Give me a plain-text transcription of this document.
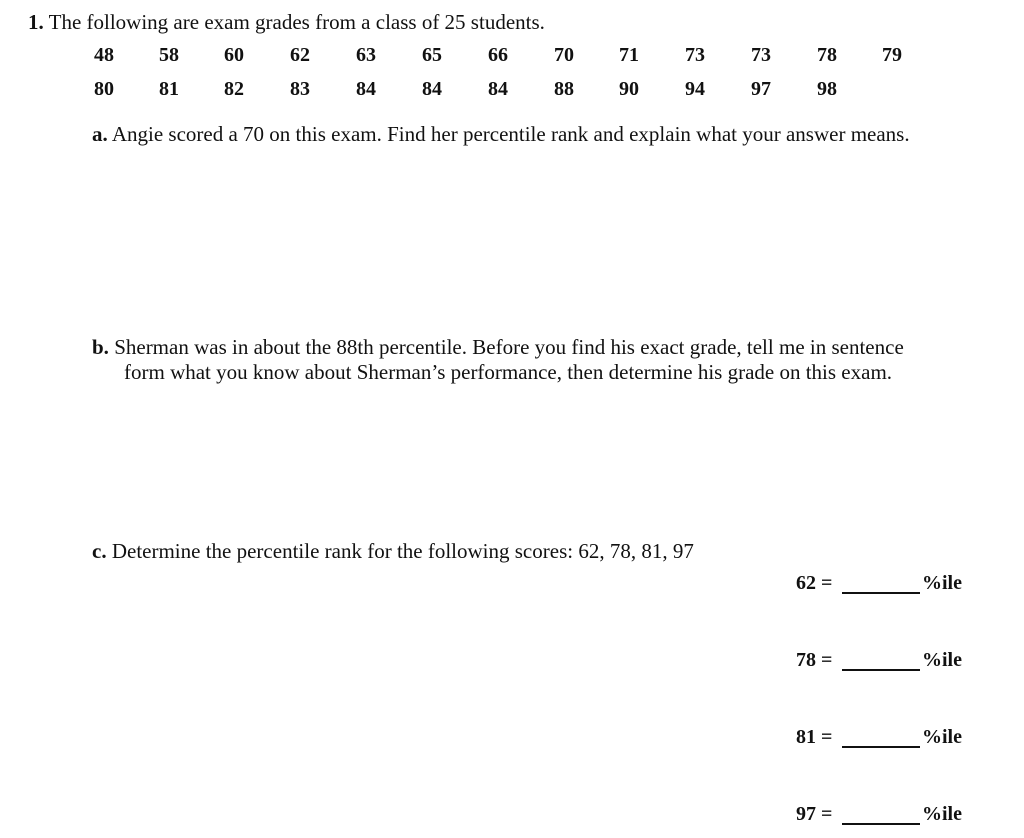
1. The following are exam grades from a class of 25 students.
48	58	60	62	63	65	66	70	71	73	73	78	79
80	81	82	83	84	84	84	88	90	94	97	98
a. Angie scored a 70 on this exam. Find her percentile rank and explain what your answer means.
b. Sherman was in about the 88th percentile. Before you find his exact grade, tell me in sentence
form what you know about Sherman’s performance, then determine his grade on this exam.
c. Determine the percentile rank for the following scores: 62, 78, 81, 97
62 =	%ile
78 =	%ile
81 =	%ile
97 =	%ile
